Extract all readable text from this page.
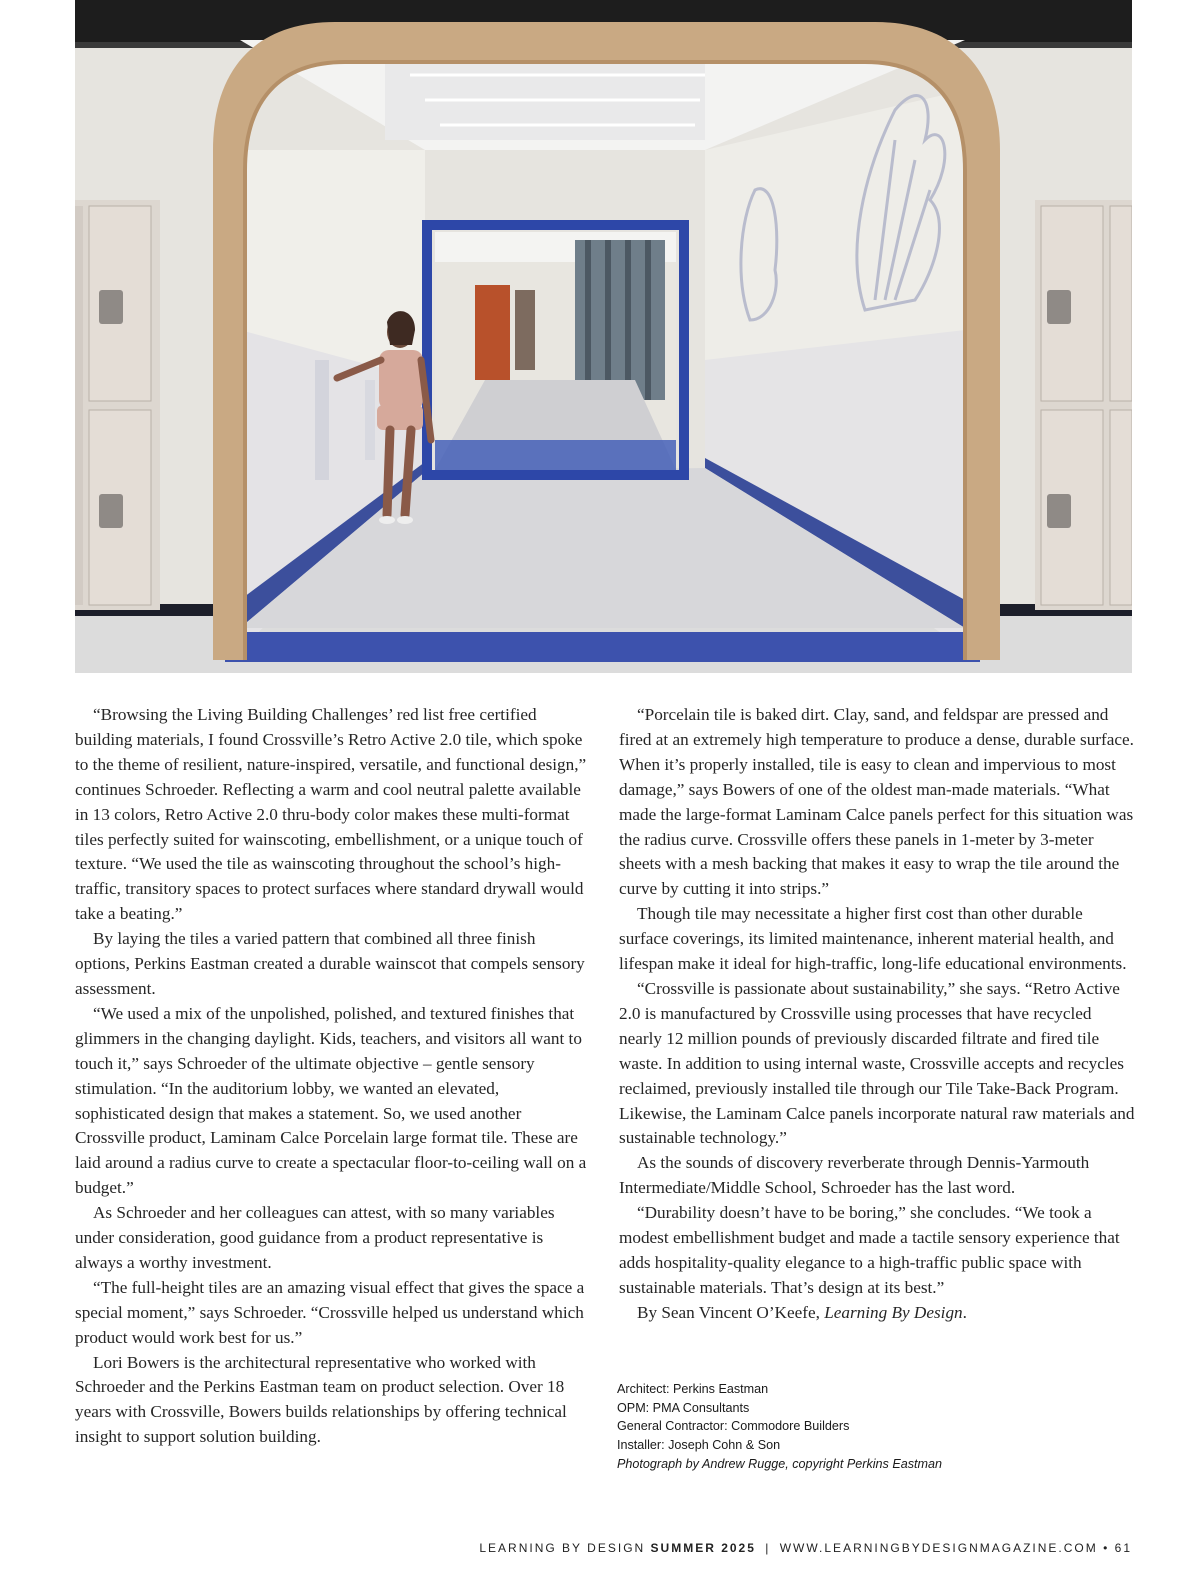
“Browsing the Living Building Challenges’ red list free certified building materials, I found Crossville’s Retro Active 2.0 tile, which spoke to the theme of resilient, nature-inspired, versatile, and functional design,” continues Schroeder. Reflecting a warm and cool neutral palette available in 13 colors, Retro Active 2.0 thru-body color makes these multi-format tiles perfectly suited for wainscoting, embellishment, or a unique touch of texture. “We used the tile as wainscoting throughout the school’s high-traffic, transitory spaces to protect surfaces where standard drywall would take a beating.”

By laying the tiles a varied pattern that combined all three finish options, Perkins Eastman created a durable wainscot that compels sensory assessment.

“We used a mix of the unpolished, polished, and textured finishes that glimmers in the changing daylight. Kids, teachers, and visitors all want to touch it,” says Schroeder of the ultimate objective – gentle sensory stimulation. “In the auditorium lobby, we wanted an elevated, sophisticated design that makes a statement. So, we used another Crossville product, Laminam Calce Porcelain large format tile. These are laid around a radius curve to create a spectacular floor-to-ceiling wall on a budget.”

As Schroeder and her colleagues can attest, with so many variables under consideration, good guidance from a product representative is always a worthy investment.

“The full-height tiles are an amazing visual effect that gives the space a special moment,” says Schroeder. “Crossville helped us understand which product would work best for us.”

Lori Bowers is the architectural representative who worked with Schroeder and the Perkins Eastman team on product selection. Over 18 years with Crossville, Bowers builds relationships by offering technical insight to support solution building.

“Porcelain tile is baked dirt. Clay, sand, and feldspar are pressed and fired at an extremely high temperature to produce a dense, durable surface. When it’s properly installed, tile is easy to clean and impervious to most damage,” says Bowers of one of the oldest man-made materials. “What made the large-format Laminam Calce panels perfect for this situation was the radius curve. Crossville offers these panels in 1-meter by 3-meter sheets with a mesh backing that makes it easy to wrap the tile around the curve by cutting it into strips.”

Though tile may necessitate a higher first cost than other durable surface coverings, its limited maintenance, inherent material health, and lifespan make it ideal for high-traffic, long-life educational environments.

“Crossville is passionate about sustainability,” she says. “Retro Active 2.0 is manufactured by Crossville using processes that have recycled nearly 12 million pounds of previously discarded filtrate and fired tile waste. In addition to using internal waste, Crossville accepts and recycles reclaimed, previously installed tile through our Tile Take-Back Program. Likewise, the Laminam Calce panels incorporate natural raw materials and sustainable technology.”

As the sounds of discovery reverberate through Dennis-Yarmouth Intermediate/Middle School, Schroeder has the last word.

“Durability doesn’t have to be boring,” she concludes. “We took a modest embellishment budget and made a tactile sensory experience that adds hospitality-quality elegance to a high-traffic public space with sustainable materials. That’s design at its best.”

By Sean Vincent O’Keefe, Learning By Design.

Architect: Perkins Eastman
OPM: PMA Consultants
General Contractor: Commodore Builders
Installer: Joseph Cohn & Son
Photograph by Andrew Rugge, copyright Perkins Eastman
LEARNING BY DESIGN SUMMER 2025 | WWW.LEARNINGBYDESIGNMAGAZINE.COM • 61
